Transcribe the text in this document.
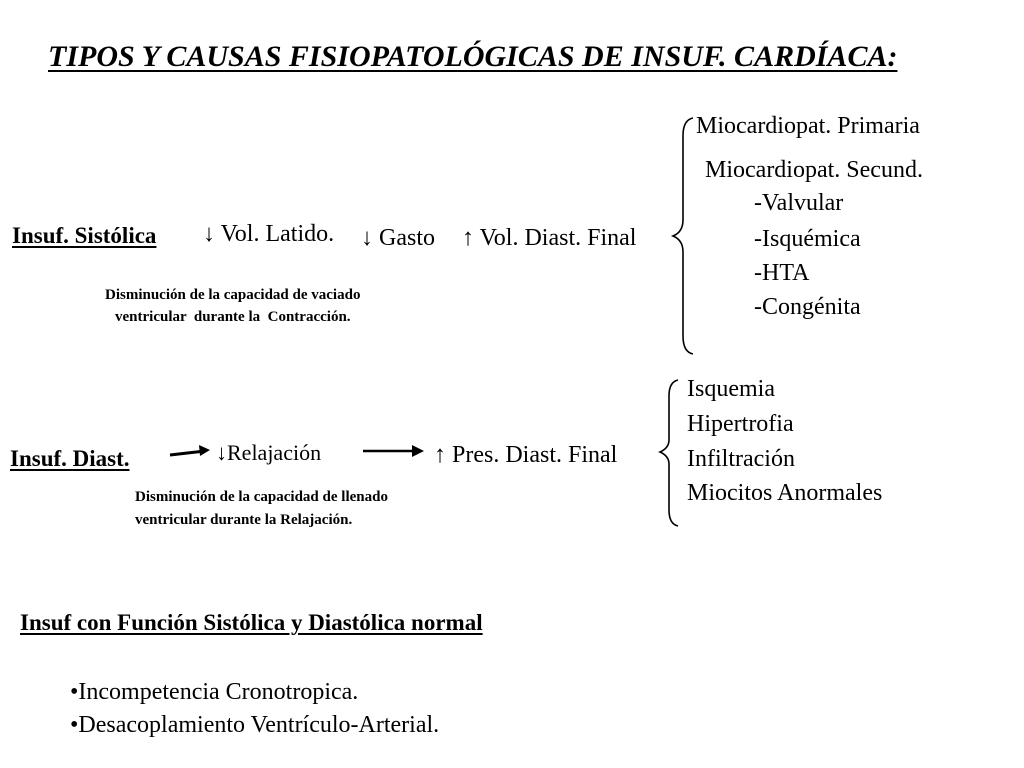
TIPOS Y CAUSAS FISIOPATOLÓGICAS DE INSUF. CARDÍACA:
Insuf. Sistólica ↓ Vol. Latido. ↓ Gasto ↑ Vol. Diast. Final
Disminución de la capacidad de vaciado
ventricular  durante la  Contracción.
Miocardiopat. Primaria
Miocardiopat. Secund.
-Valvular
-Isquémica
-HTA
-Congénita
Insuf. Diast.	↓Relajación	↑ Pres. Diast. Final
Disminución de la capacidad de llenado
ventricular durante la Relajación.
Isquemia
Hipertrofia
Infiltración
Miocitos Anormales
Insuf con Función Sistólica y Diastólica normal
•Incompetencia Cronotropica.
•Desacoplamiento Ventrículo-Arterial.
